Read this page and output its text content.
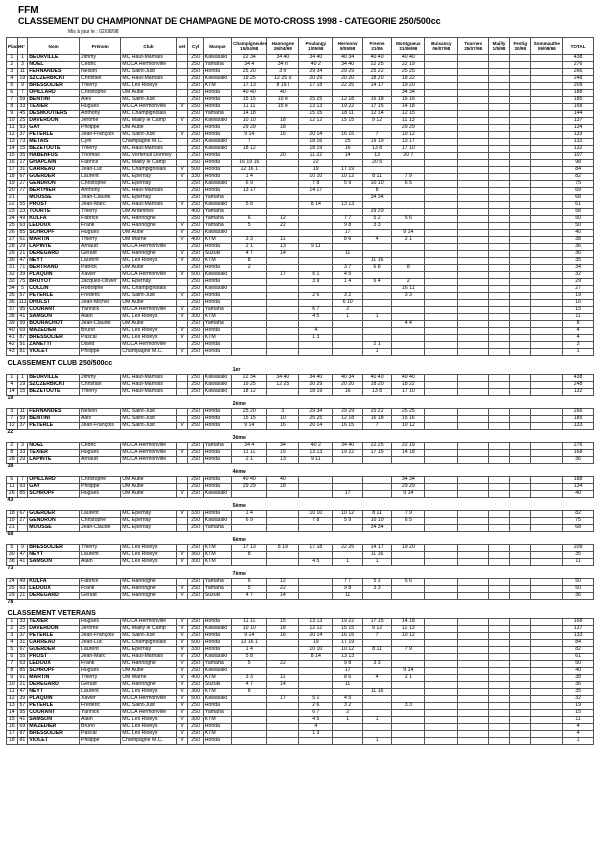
FFM
CLASSEMENT DU CHAMPIONNAT DE CHAMPAGNE DE MOTO-CROSS 1998 - CATEGORIE 250/500cc
Mis à jour le : 02/08/98
Place	N°	Nom	Prénom	Club	vet	Cyl	Marque	Champigneules 15/04/98	Hannogne 26/04/98	Poulangy 1/05/98	Hermonv 8/05/98	Fresne 21/06	Montgueux 21/06/98	Buisancy 06/07/98	Tournes 25/07/98	Mailly 1/5/98	Festig 20/98	Sommauthe 09/08/98	TOTAL
1	1	BEURVILLE	Jimmy	MC Haut-Marnais		250	Kawasaki	22 34	34 40	34 40	40 34	40 40	40 40						438
2	3	NOEL	Cédric	MCCA Hermonville		250	Yamaha	34 4	34 n	40 2	34 40	22 25	22 19						276
3	11	FERNANDES	Nelson	MC Saint-Just		250	Honda	25 20	3 n	29 34	29 29	25 22	25 25						266
4	19	SZCZERBICKI	Christian	MC Haut-Marnais		250	Kawasaki	19 25	12 25 u	20 29	20 20	18 20	18 22						248
5	9	BRESSOLIER	Thierry	MC Les Rioeys		250	KTM	17 13	8 19 l	17 18	22 25	14 17	19 20						209
6	7	OPILLARD	Christophe	UM Aube		250	Honda	40 40	40				34 34						188
7	59	BENTINI	Alex	MC Saint-Just		250	Honda	15 15	10 é	25 25	12 18	16 18	15 16						185
8	33	TEXIER	Hugues	MCCA Hermonville	V	250	Honda	11 11	15 e	13 13	19 22	17 15	14 18						168
9	45	DESMOUTIERS	Anthony	MC Champignolais		250	Yamaha	14 18		15 15	18 11	12 14	12 15						144
10	25	DAVERDON	Jérôme	MC Mailly le Camp	V	250	Kawasaki	10 10	18	12 12	15 15	9 12	11 13						137
11	93	GAY	Philippe	UM Aube		250	Honda	29 29	18				29 29						134
12	37	PETERLE	Jean-François	MC Saint-Just	V	250	Honda	9 14	16	20 14	16 15	7	10 12						133
13	73	METAIS	Cyril	Champagne M.C.		250	Kawasaki	7		18 16	25	19 19	13 17						132
14	15	BEZETOUTE	Thierry	MC Haut-Marnais		250	Kawasaki	18 12		18 19	16	13 8	17 10						132
15	35	HABENFUS	Thomas	MC Vertenuil Dormey		250	Honda		20	11 22	14	13	20 7						107
16	17	GHAPLAIN	Fabrice	MC Mailly le Camp		250	Honda	16 19 16		22		20 5							98
17	31	CARREAU	Jean-Luc	MC Champignolais	V	500	Honda	12 16 1		19	17 19								84
18	67	GUERDER	Laurent	MC Epernay	V	330	Honda	1 4		10 10	10 12	8 11	7 9						82
19	27	GENDRON	Christophe	MC Epernay		250	Kawasaki	6 9		7 8	5 9	10 10	6 5						75
20	77	BERTHIER	Anthony	MC Haut-Marnais		250	Honda	13 17		14 17		8							69
21		MOUSSE	Jean-Claude	MC Epernay		250	Yamaha					34 34							68
22	55	PROST	Jean-Marc	MC Haut-Marnais	V	250	Kawasaki	5 8		8 14	13 13								61
23	23	TOURTE	Thierry	UM Ardennes		400	Yamaha					29 29							58
24	49	KULFA	Fabrice	MC Hannogne		250	Yamaha	6	12		7 7	5 2	5 6						50
25	63	LEDOUX	Frank	MC Hannogne	V	250	Yamaha	5	22		9 8	3 3							50
26	85	SCHROPF	Hugues	UM Aube	V	250	Kawasaki				17		9 14						40
27	61	MARTIN	Thierry	UM Marne	V	400	KTM	3 3	11		8 6	4	2 1						38
28	29	LAPINTE	Arnaud	MCCA Hermonville		250	Honda	2 1	13	9 11									36
29	21	DEREGARD	Gérald	MC Hannogne	V	250	Suzuki	4 7	14		11								36
30	47	NEYT	Laurent	MC Les Rioeys	V	360	KTM	8				11 16							35
31	71	BERTRAND	Patrick	UM Aube		250	Honda	2			3 7	6 8	8						34
32	39	PLAQUIN	Xavier	MCCA Hermonville	V	500	Kawasaki		17	5 1	4 5								32
33	75	BRUYOT	Jacques-Olivier	MC Epernay		250	Honda			3 9	1 4	6 4	2						29
34	5	COLLIN	Rodolphe	MC Champignolais		250	Kawasaki						16 11						27
35	57	PETERLE	Frédéric	MC Saint-Just	V	250	Honda			2 6	3 2		3 3						19
36	111	DHULST	Jean-Michel	UM Aube		250	Honda				6 10								16
37	95	COURANT	Yannick	MCCA Hermonville	V	250	Yamaha			6 7	2								15
38	41	SAMSON	Alain	MC Les Rioeys	V	300	KTM			4 5	1	1							11
39	99	BOURACHOT	Jean-Claude	UM Aube		250	Yamaha						4 4						8
40	69	MAZEDIER	Bruno	MC Les Rioeys	V	250	Honda			4									4
41	87	BRESSOLIER	Pascal	MC Les Rioeys	V	250	KTM			1 3									4
42	91	ZANETTI	David	MCCA Hermonville		250	Honda					2 1							3
43	81	VIOLET	Philippe	Champagne M.C.	V	250	Honda					1							1

CLASSEMENT CLUB 250/500cc																			
								1er											
1	1	BEURVILLE	Jimmy	MC Haut-Marnais		250	Kawasaki	22 34	34 40	34 40	40 34	40 40	40 40						438
4	19	SZCZERBICKI	Christian	MC Haut-Marnais		250	Kawasaki	19 25	12 25	20 29	20 20	18 20	18 22						248
14	15	BEZETOUTE	Thierry	MC Haut-Marnais		250	Kawasaki	18 12		18 19	16	13 8	17 10						132
19																			
								2ème											
3	11	FERNANDES	Nelson	MC Saint-Just		250	Honda	25 20	3	29 34	29 29	25 22	25 25						266
7	59	BENTINI	Alex	MC Saint-Just		250	Honda	15 15	10	25 25	12 18	16 18	15 16						185
12	37	PETERLE	Jean-François	MC Saint-Just	V	250	Honda	9 14	16	20 14	16 15	7	10 12						133
22																			
								3ème											
2	3	NOEL	Cédric	MCCA Hermonville		250	Yamaha	34 4	34	40 2	34 40	22 25	22 19						276
8	33	TEXIER	Hugues	MCCA Hermonville	V	250	Honda	11 11	15	13 13	19 22	17 15	14 18						168
28	29	LAPINTE	Arnaud	MCCA Hermonville		250	Honda	2 1	13	9 11									36
38																			
								4ème											
6	7	OPILLARD	Christophe	UM Aube		250	Honda	40 40	40				34 34						188
11	93	GAY	Philippe	UM Aube		250	Honda	29 29	18				29 29						134
26	85	SCHROPF	Hugues	UM Aube	V	250	Kawasaki				17		9 14						40
43																			
								5ème											
18	67	GUERDER	Laurent	MC Epernay	V	330	Honda	1 4		10 10	10 12	8 11	7 9						82
19	27	GENDRON	Christophe	MC Epernay		250	Kawasaki	6 9		7 8	5 9	10 10	6 5						75
21		MOUSSE	Jean-Claude	MC Epernay		250	Yamaha					34 34							68
68																			
								6ème											
5	9	BRESSOLIER	Thierry	MC Les Rioeys		250	KTM	17 13	8 19	17 18	22 25	14 17	19 20						209
30	47	NEYT	Laurent	MC Les Rioeys	V	360	KTM	8				11 16							35
38	41	SAMSON	Alain	MC Les Rioeys	V	300	KTM			4 5	1	1							11
73																			
								7ème											
24	49	KULFA	Fabrice	MC Hannogne		250	Yamaha	6	12		7 7	5 2	5 6						50
25	63	LEDOUX	Frank	MC Hannogne	V	250	Yamaha	5	22		9 8	3 3							50
29	21	DEREGARD	Gérald	MC Hannogne	V	250	Suzuki	4 7	14		11								36
78																			

CLASSEMENT VETERANS																			
1	33	TEXIER	Hugues	MCCA Hermonville	V	250	Honda	11 11	15	13 13	19 22	17 15	14 18						168
2	25	DAVERDON	Jérôme	MC Mailly le Camp	V	250	Kawasaki	10 10	18	12 12	15 15	9 12	11 13						137
3	37	PETERLE	Jean-François	MC Saint-Just	V	250	Honda	9 14	16	20 14	16 15	7	10 12						133
4	31	CARREAU	Jean-Luc	MC Champignolais	V	500	Honda	12 16 1		19	17 19								84
5	67	GUERDER	Laurent	MC Epernay	V	330	Honda	1 4		10 10	10 12	8 11	7 9						82
6	55	PROST	Jean-Marc	MC Haut-Marnais	V	250	Kawasaki	5 8		8 14	13 13								61
7	63	LEDOUX	Frank	MC Hannogne	V	250	Yamaha	5	22		9 8	3 3							50
8	85	SCHROPF	Hugues	UM Aube	V	250	Kawasaki				17		9 14						40
9	61	MARTIN	Thierry	UM Marne	V	400	KTM	3 3	11		8 6	4	2 1						38
10	21	DEREGARD	Gérald	MC Hannogne	V	250	Suzuki	4 7	14		11								36
11	47	NEYT	Laurent	MC Les Rioeys	V	360	KTM	8				11 16							35
12	39	PLAQUIN	Xavier	MCCA Hermonville	V	500	Kawasaki		17	5 1	4 5								32
13	57	PETERLE	Frédéric	MC Saint-Just	V	250	Honda			2 6	3 2		3 3						19
14	95	COURANT	Yannick	MCCA Hermonville	V	250	Yamaha			6 7	2								15
15	41	SAMSON	Alain	MC Les Rioeys	V	300	KTM			4 5	1	1							11
16	69	MAZEDIER	Bruno	MC Les Rioeys	V	250	Honda			4									4
17	87	BRESSOLIER	Pascal	MC Les Rioeys	V	250	KTM			1 3									4
18	81	VIOLET	Philippe	Champagne M.C.	V	250	Honda					1							1
